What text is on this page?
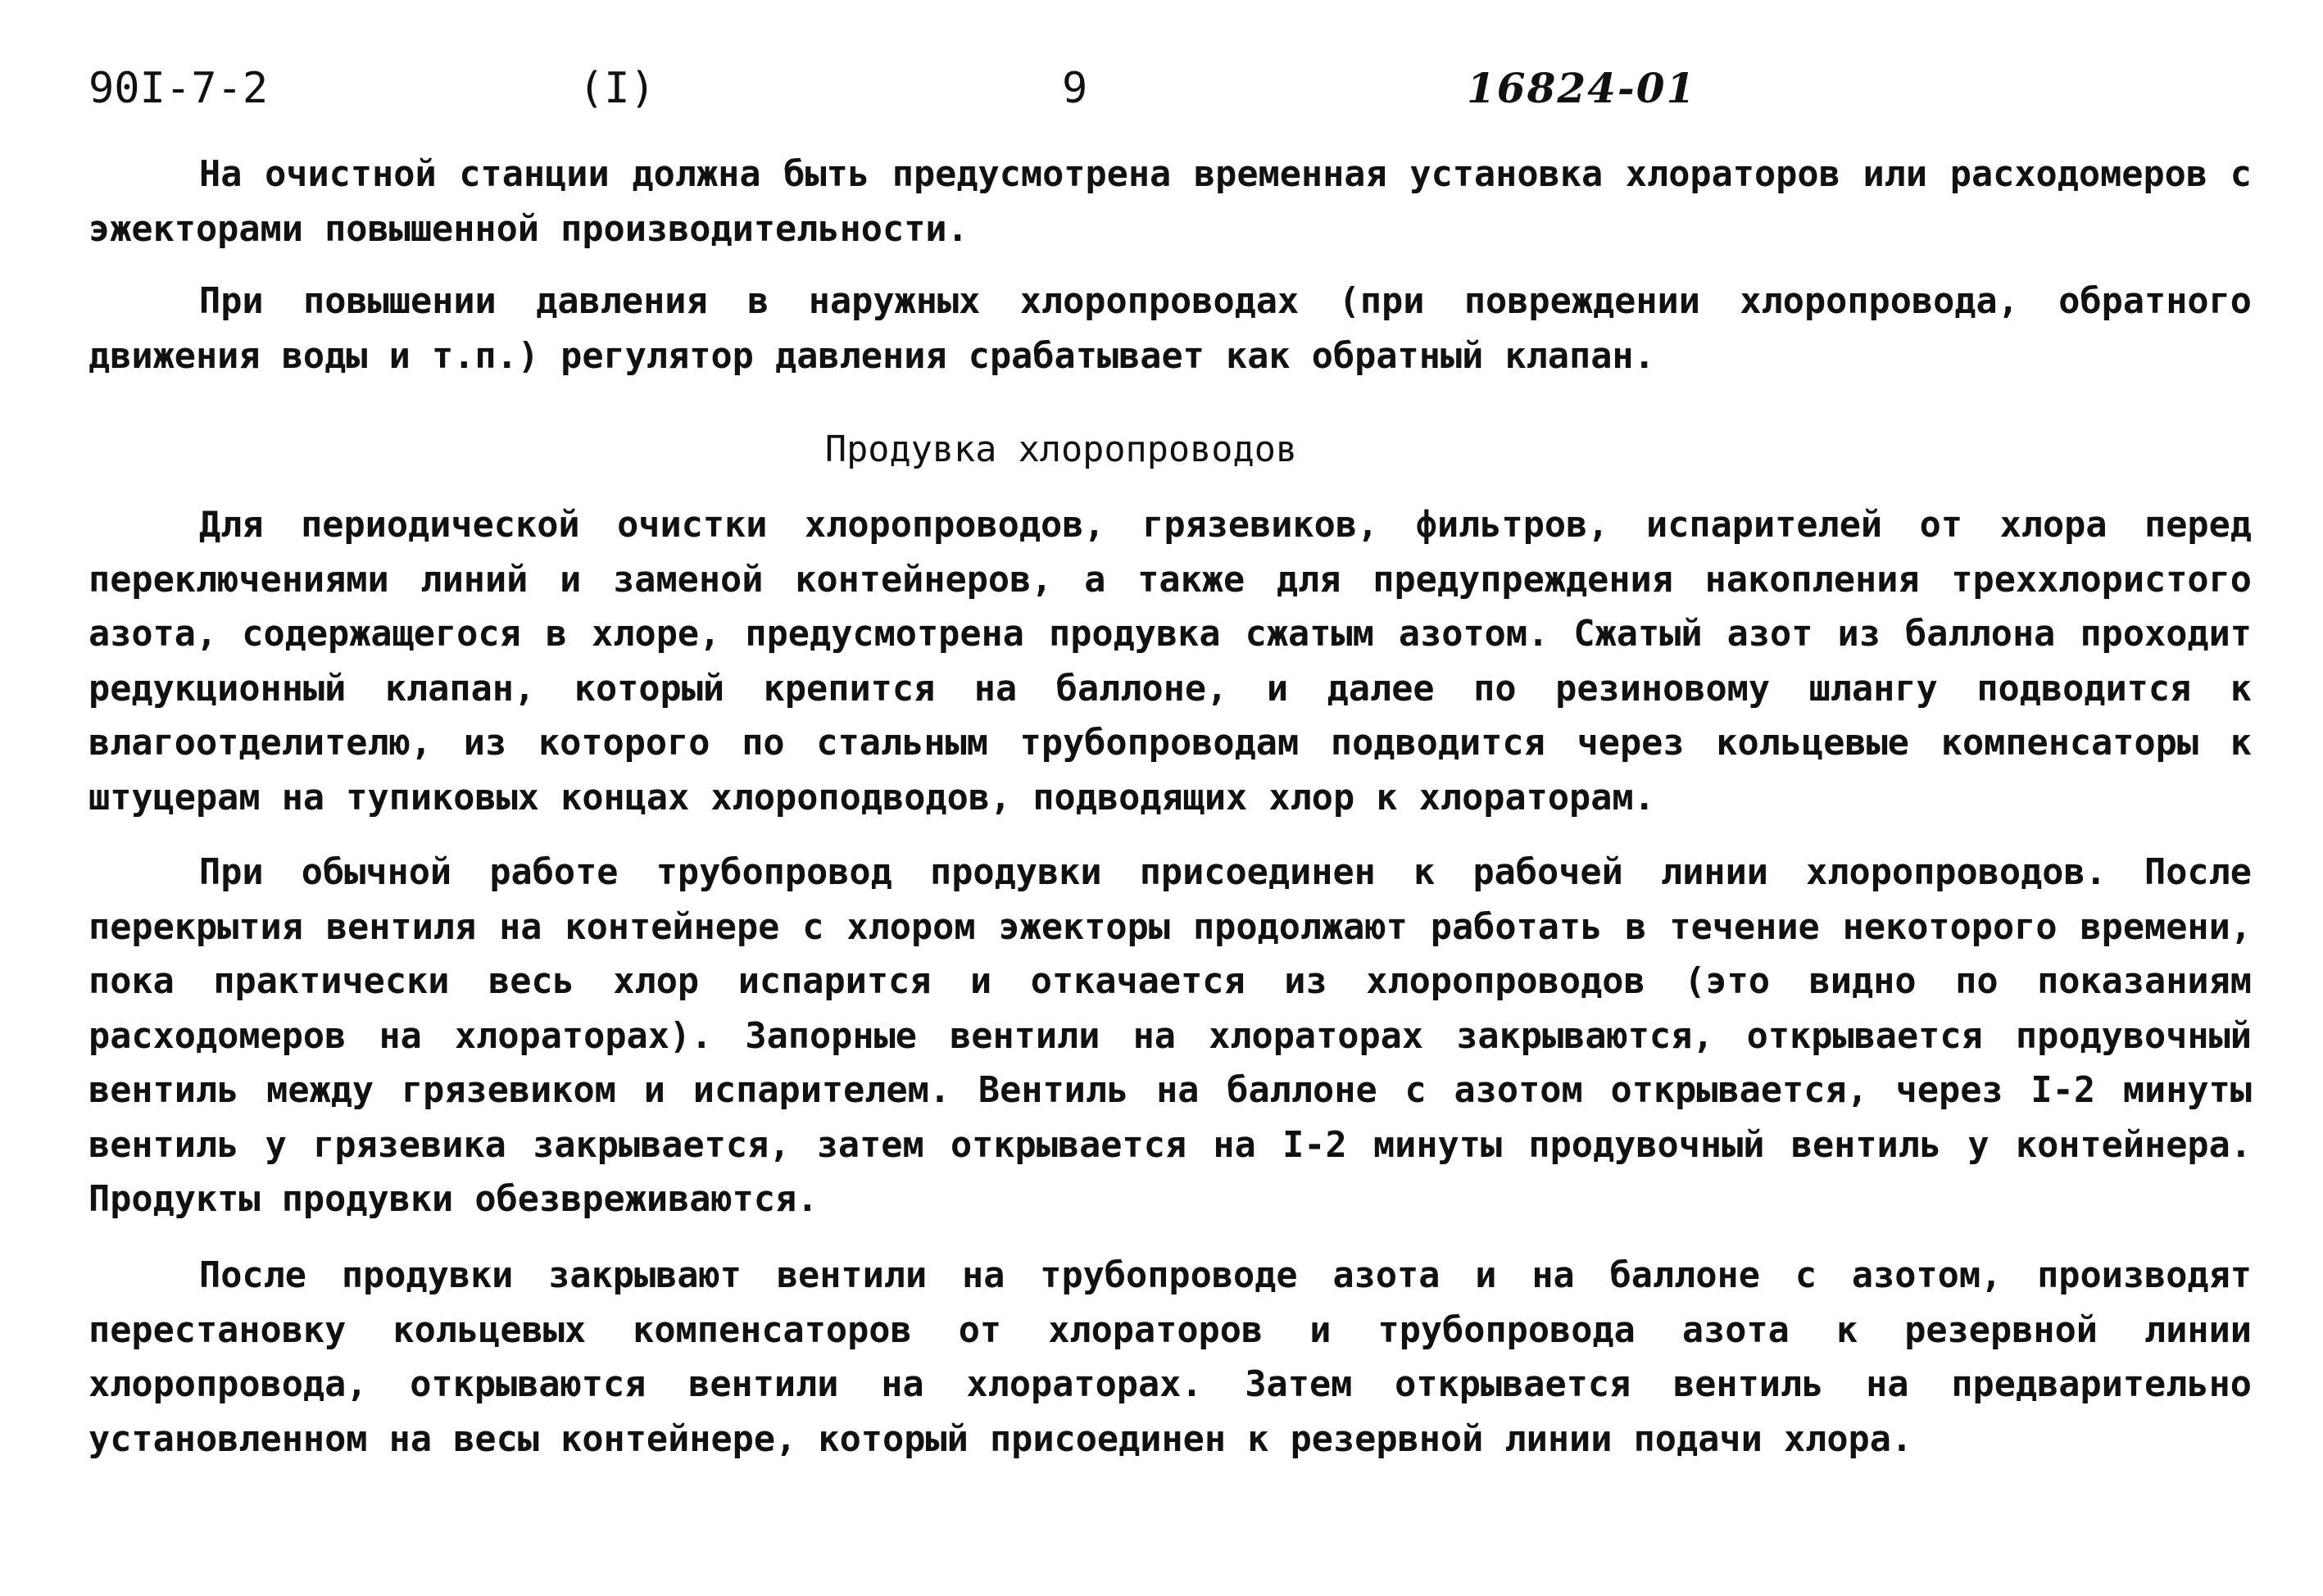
90I-7-2	(I)	9	16824-01

На очистной станции должна быть предусмотрена временная установка хлораторов или расходомеров с эжекторами повышенной производительности.

При повышении давления в наружных хлоропроводах (при повреждении хлоропровода, обратного движения воды и т.п.) регулятор давления срабатывает как обратный клапан.

Продувка хлоропроводов

Для периодической очистки хлоропроводов, грязевиков, фильтров, испарителей от хлора перед переключениями линий и заменой контейнеров, а также для предупреждения накопления треххлористого азота, содержащегося в хлоре, предусмотрена продувка сжатым азотом. Сжатый азот из баллона проходит редукционный клапан, который крепится на баллоне, и далее по резиновому шлангу подводится к влагоотделителю, из которого по стальным трубопроводам подводится через кольцевые компенсаторы к штуцерам на тупиковых концах хлороподводов, подводящих хлор к хлораторам.

При обычной работе трубопровод продувки присоединен к рабочей линии хлоропроводов. После перекрытия вентиля на контейнере с хлором эжекторы продолжают работать в течение некоторого времени, пока практически весь хлор испарится и откачается из хлоропроводов (это видно по показаниям расходомеров на хлораторах). Запорные вентили на хлораторах закрываются, открывается продувочный вентиль между грязевиком и испарителем. Вентиль на баллоне с азотом открывается, через I-2 минуты вентиль у грязевика закрывается, затем открывается на I-2 минуты продувочный вентиль у контейнера. Продукты продувки обезвреживаются.

После продувки закрывают вентили на трубопроводе азота и на баллоне с азотом, производят перестановку кольцевых компенсаторов от хлораторов и трубопровода азота к резервной линии хлоропровода, открываются вентили на хлораторах. Затем открывается вентиль на предварительно установленном на весы контейнере, который присоединен к резервной линии подачи хлора.
